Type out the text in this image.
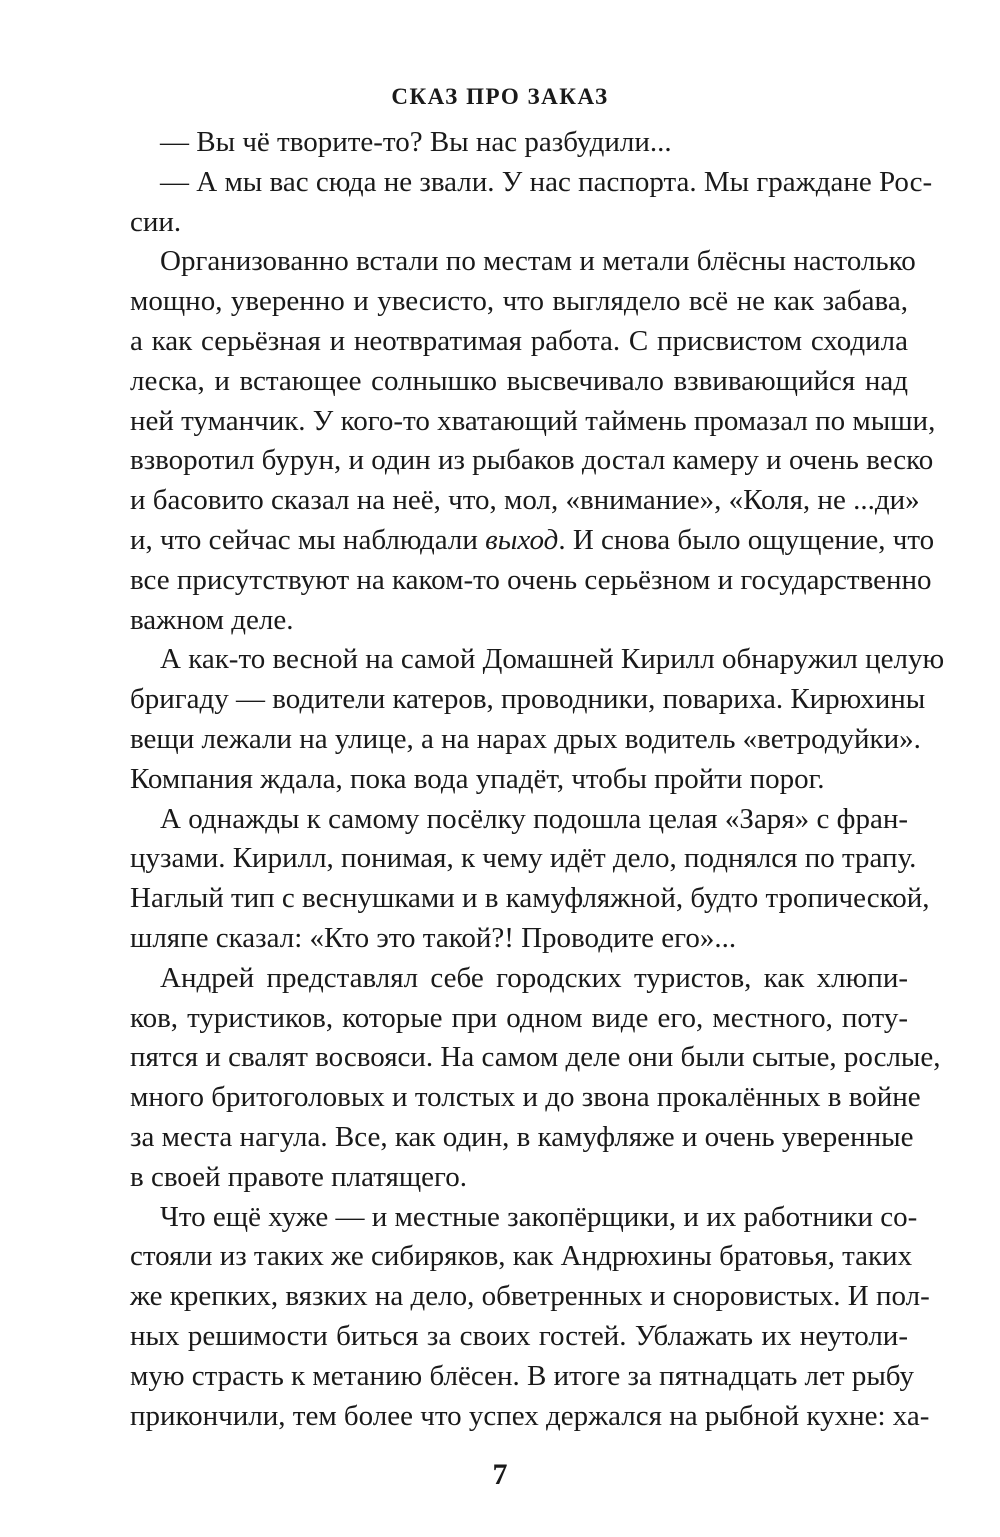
СКАЗ ПРО ЗАКАЗ
— Вы чё творите-то? Вы нас разбудили...
— А мы вас сюда не звали. У нас паспорта. Мы граждане Рос-
сии.
Организованно встали по местам и метали блёсны настолько
мощно, уверенно и увесисто, что выглядело всё не как забава,
а как серьёзная и неотвратимая работа. С присвистом сходила
леска, и встающее солнышко высвечивало взвивающийся над
ней туманчик. У кого-то хватающий таймень промазал по мыши,
взворотил бурун, и один из рыбаков достал камеру и очень веско
и басовито сказал на неё, что, мол, «внимание», «Коля, не ...ди»
и, что сейчас мы наблюдали выход. И снова было ощущение, что
все присутствуют на каком-то очень серьёзном и государственно
важном деле.
А как-то весной на самой Домашней Кирилл обнаружил целую
бригаду — водители катеров, проводники, повариха. Кирюхины
вещи лежали на улице, а на нарах дрых водитель «ветродуйки».
Компания ждала, пока вода упадёт, чтобы пройти порог.
А однажды к самому посёлку подошла целая «Заря» с фран-
цузами. Кирилл, понимая, к чему идёт дело, поднялся по трапу.
Наглый тип с веснушками и в камуфляжной, будто тропической,
шляпе сказал: «Кто это такой?! Проводите его»...
Андрей представлял себе городских туристов, как хлюпи-
ков, туристиков, которые при одном виде его, местного, поту-
пятся и свалят восвояси. На самом деле они были сытые, рослые,
много бритоголовых и толстых и до звона прокалённых в войне
за места нагула. Все, как один, в камуфляже и очень уверенные
в своей правоте платящего.
Что ещё хуже — и местные закопёрщики, и их работники со-
стояли из таких же сибиряков, как Андрюхины братовья, таких
же крепких, вязких на дело, обветренных и сноровистых. И пол-
ных решимости биться за своих гостей. Ублажать их неутоли-
мую страсть к метанию блёсен. В итоге за пятнадцать лет рыбу
прикончили, тем более что успех держался на рыбной кухне: ха-
7
